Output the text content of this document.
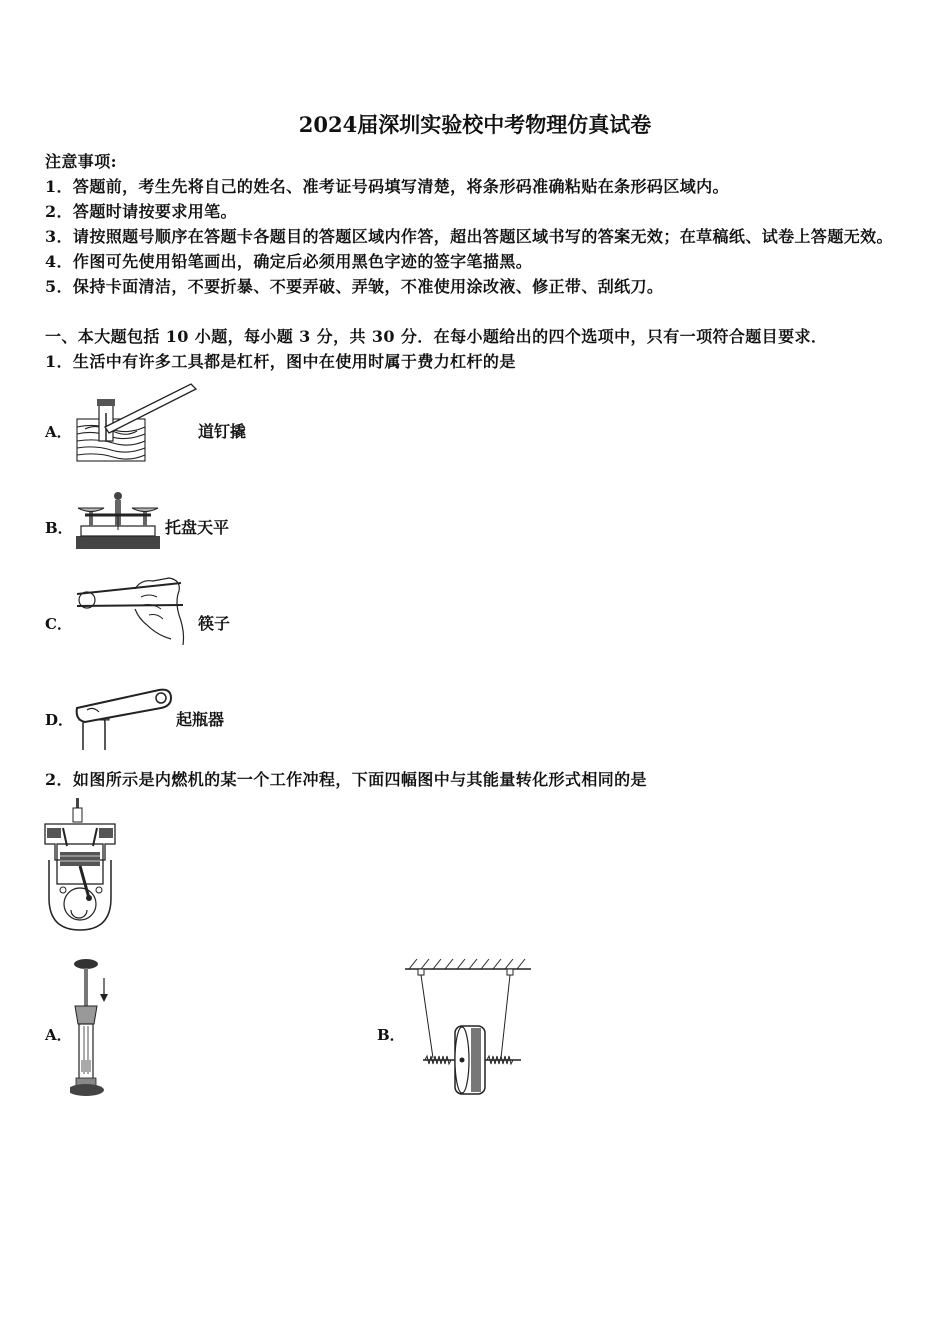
2024届深圳实验校中考物理仿真试卷
注意事项:
1．答题前，考生先将自己的姓名、准考证号码填写清楚，将条形码准确粘贴在条形码区域内。
2．答题时请按要求用笔。
3．请按照题号顺序在答题卡各题目的答题区域内作答，超出答题区域书写的答案无效；在草稿纸、试卷上答题无效。
4．作图可先使用铅笔画出，确定后必须用黑色字迹的签字笔描黑。
5．保持卡面清洁，不要折暴、不要弄破、弄皱，不准使用涂改液、修正带、刮纸刀。
一、本大题包括 10 小题，每小题 3 分，共 30 分．在每小题给出的四个选项中，只有一项符合题目要求．
1．生活中有许多工具都是杠杆，图中在使用时属于费力杠杆的是
A．	道钉撬
B．	托盘天平
C．	筷子
D．	起瓶器
2．如图所示是内燃机的某一个工作冲程，下面四幅图中与其能量转化形式相同的是
A．	B．
